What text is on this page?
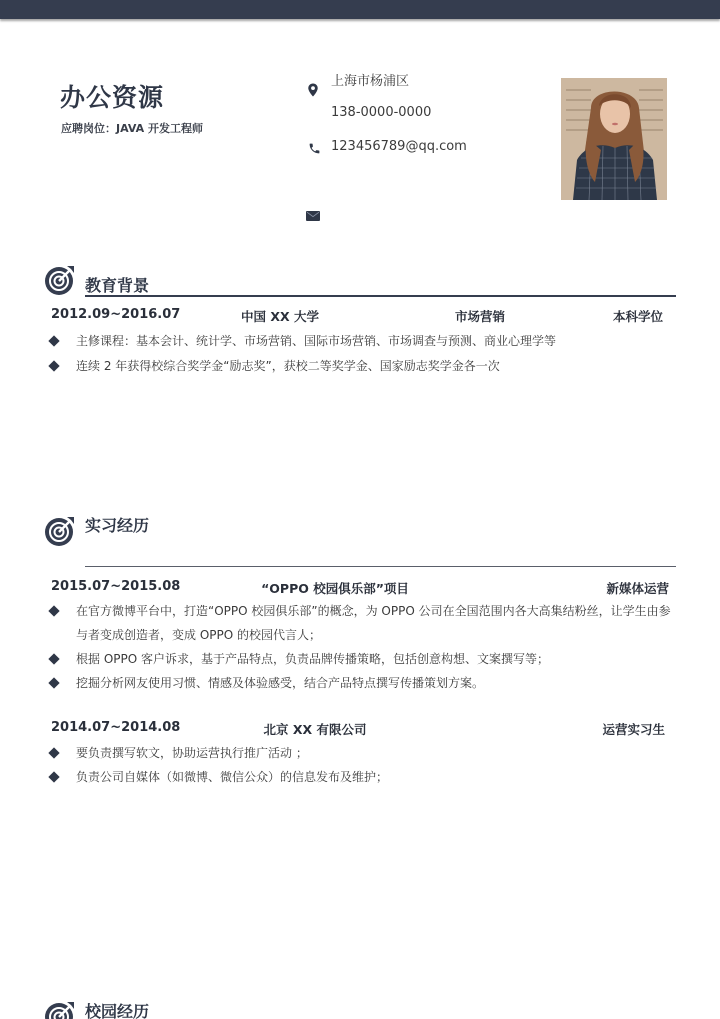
办公资源
应聘岗位：JAVA 开发工程师
上海市杨浦区
138-0000-0000
123456789@qq.com
教育背景
2012.09~2016.07	中国 XX 大学	市场营销	本科学位
主修课程：基本会计、统计学、市场营销、国际市场营销、市场调查与预测、商业心理学等
连续 2 年获得校综合奖学金“励志奖”，获校二等奖学金、国家励志奖学金各一次
实习经历
2015.07~2015.08	“OPPO 校园俱乐部”项目	新媒体运营
在官方微博平台中，打造“OPPO 校园俱乐部”的概念，为 OPPO 公司在全国范围内各大高集结粉丝，让学生由参与者变成创造者，变成 OPPO 的校园代言人；
根据 OPPO 客户诉求，基于产品特点，负责品牌传播策略，包括创意构想、文案撰写等；
挖掘分析网友使用习惯、情感及体验感受，结合产品特点撰写传播策划方案。
2014.07~2014.08	北京 XX 有限公司	运营实习生
要负责撰写软文，协助运营执行推广活动 ；
负责公司自媒体（如微博、微信公众）的信息发布及维护；
校园经历
